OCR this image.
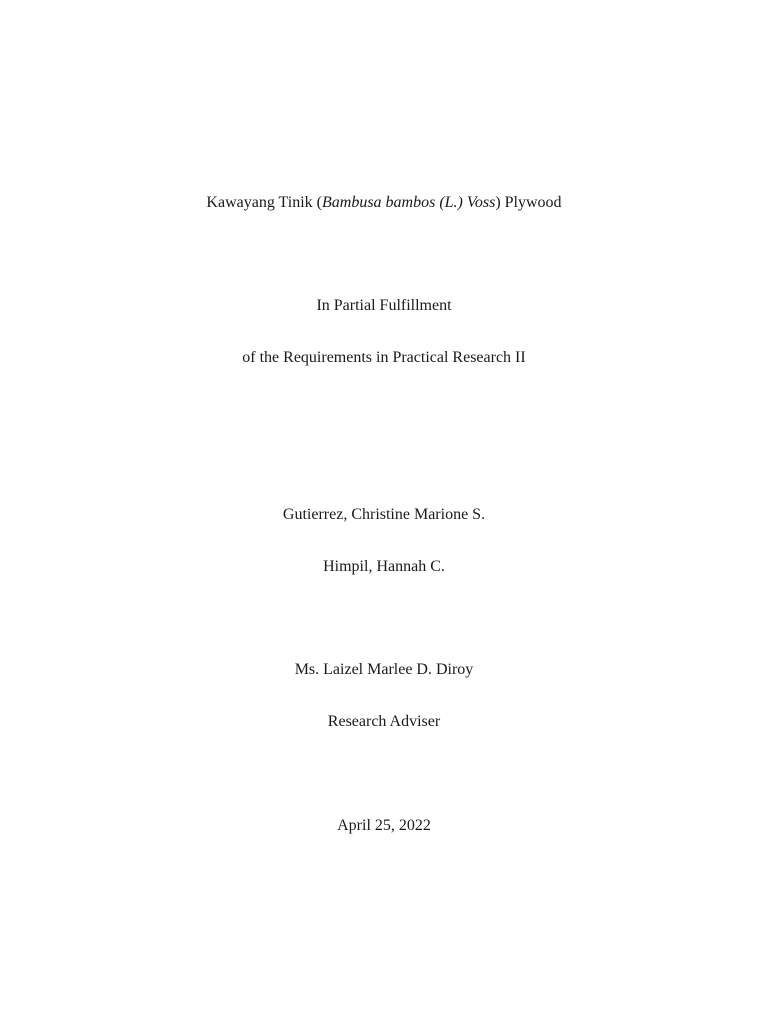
Kawayang Tinik (Bambusa bambos (L.) Voss) Plywood
In Partial Fulfillment
of the Requirements in Practical Research II
Gutierrez, Christine Marione S.
Himpil, Hannah C.
Ms. Laizel Marlee D. Diroy
Research Adviser
April 25, 2022
